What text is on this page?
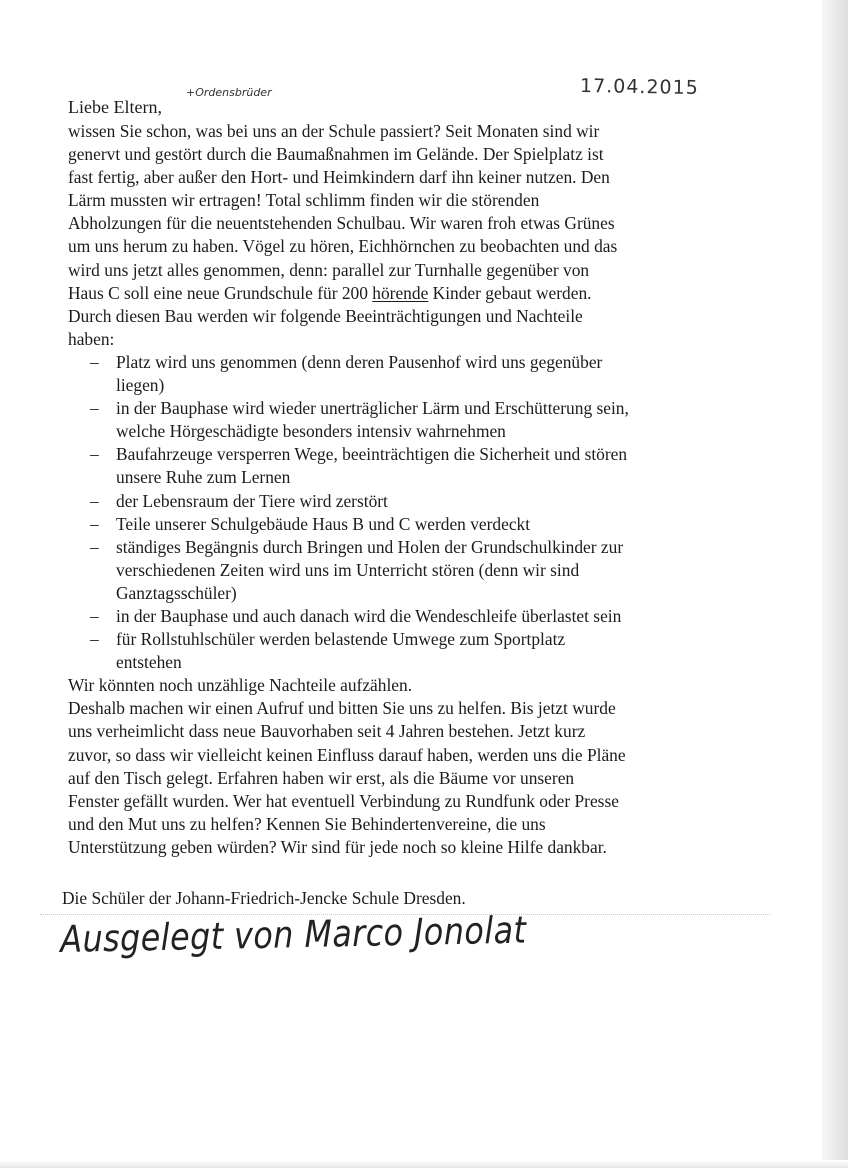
17.04.2015
Liebe Eltern,
+Ordensbrüder
wissen Sie schon, was bei uns an der Schule passiert? Seit Monaten sind wir
genervt und gestört durch die Baumaßnahmen im Gelände. Der Spielplatz ist
fast fertig, aber außer den Hort- und Heimkindern darf ihn keiner nutzen. Den
Lärm mussten wir ertragen! Total schlimm finden wir die störenden
Abholzungen für die neuentstehenden Schulbau. Wir waren froh etwas Grünes
um uns herum zu haben. Vögel zu hören, Eichhörnchen zu beobachten und das
wird uns jetzt alles genommen, denn: parallel zur Turnhalle gegenüber von
Haus C soll eine neue Grundschule für 200 hörende Kinder gebaut werden.
Durch diesen Bau werden wir folgende Beeinträchtigungen und Nachteile
haben:
– Platz wird uns genommen (denn deren Pausenhof wird uns gegenüber
liegen)
– in der Bauphase wird wieder unerträglicher Lärm und Erschütterung sein,
welche Hörgeschädigte besonders intensiv wahrnehmen
– Baufahrzeuge versperren Wege, beeinträchtigen die Sicherheit und stören
unsere Ruhe zum Lernen
– der Lebensraum der Tiere wird zerstört
– Teile unserer Schulgebäude Haus B und C werden verdeckt
– ständiges Begängnis durch Bringen und Holen der Grundschulkinder zur
verschiedenen Zeiten wird uns im Unterricht stören (denn wir sind
Ganztagsschüler)
– in der Bauphase und auch danach wird die Wendeschleife überlastet sein
– für Rollstuhlschüler werden belastende Umwege zum Sportplatz
entstehen
Wir könnten noch unzählige Nachteile aufzählen.
Deshalb machen wir einen Aufruf und bitten Sie uns zu helfen. Bis jetzt wurde
uns verheimlicht dass neue Bauvorhaben seit 4 Jahren bestehen. Jetzt kurz
zuvor, so dass wir vielleicht keinen Einfluss darauf haben, werden uns die Pläne
auf den Tisch gelegt. Erfahren haben wir erst, als die Bäume vor unseren
Fenster gefällt wurden. Wer hat eventuell Verbindung zu Rundfunk oder Presse
und den Mut uns zu helfen? Kennen Sie Behindertenvereine, die uns
Unterstützung geben würden? Wir sind für jede noch so kleine Hilfe dankbar.
Die Schüler der Johann-Friedrich-Jencke Schule Dresden.
Ausgelegt von Marco Jonolat
